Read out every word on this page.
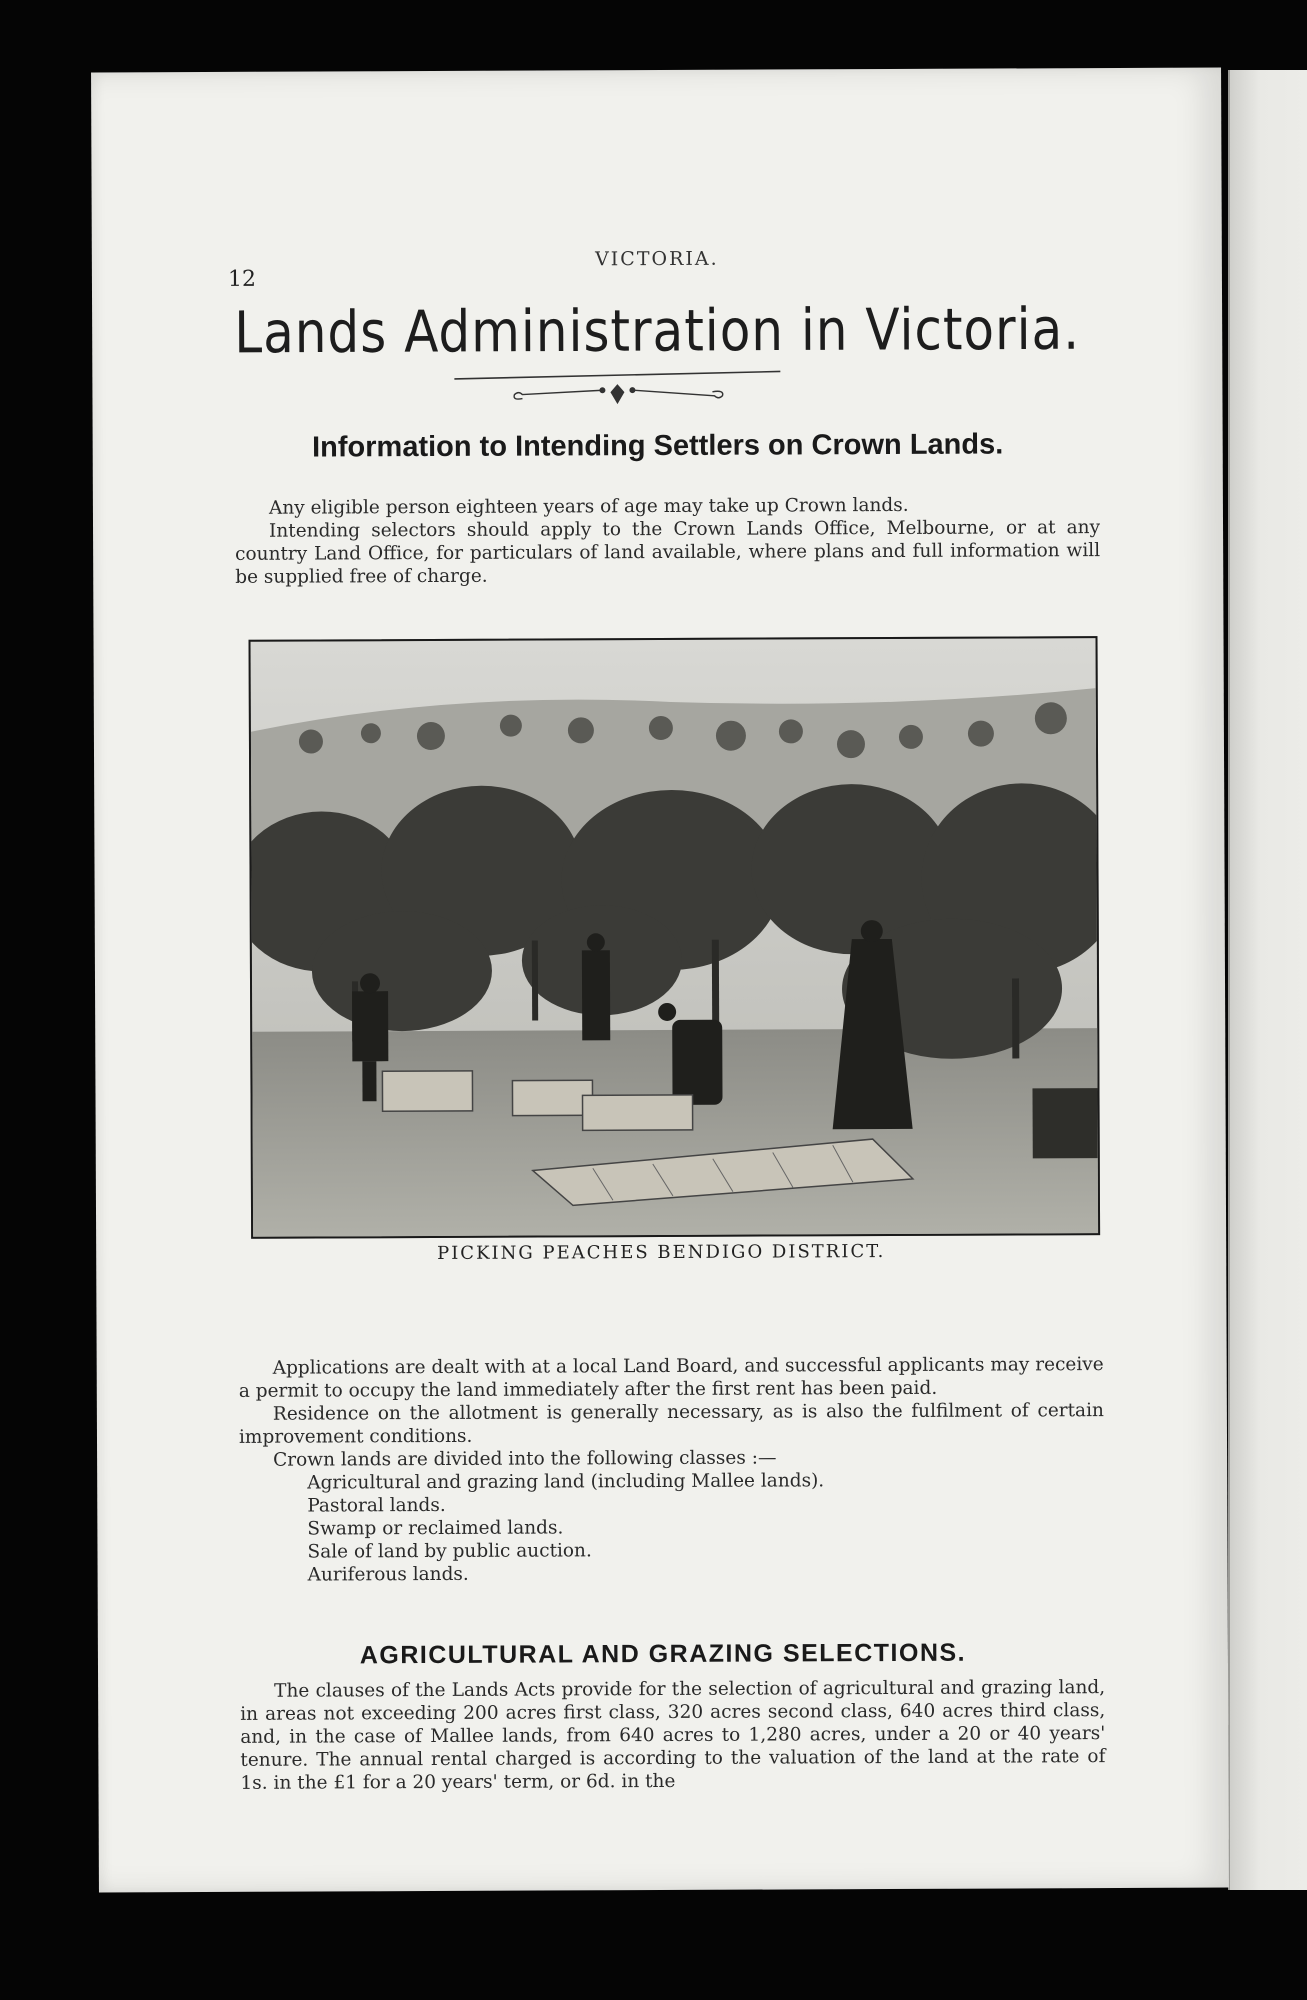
12
VICTORIA.
Lands Administration in Victoria.
Information to Intending Settlers on Crown Lands.

Any eligible person eighteen years of age may take up Crown lands.

Intending selectors should apply to the Crown Lands Office, Melbourne, or at any country Land Office, for particulars of land available, where plans and full information will be supplied free of charge.

PICKING PEACHES BENDIGO DISTRICT.

Applications are dealt with at a local Land Board, and successful applicants may receive a permit to occupy the land immediately after the first rent has been paid.

Residence on the allotment is generally necessary, as is also the fulfilment of certain improvement conditions.

Crown lands are divided into the following classes :—

Agricultural and grazing land (including Mallee lands).
Pastoral lands.
Swamp or reclaimed lands.
Sale of land by public auction.
Auriferous lands.
AGRICULTURAL AND GRAZING SELECTIONS.

The clauses of the Lands Acts provide for the selection of agricultural and grazing land, in areas not exceeding 200 acres first class, 320 acres second class, 640 acres third class, and, in the case of Mallee lands, from 640 acres to 1,280 acres, under a 20 or 40 years' tenure. The annual rental charged is according to the valuation of the land at the rate of 1s. in the £1 for a 20 years' term, or 6d. in the
